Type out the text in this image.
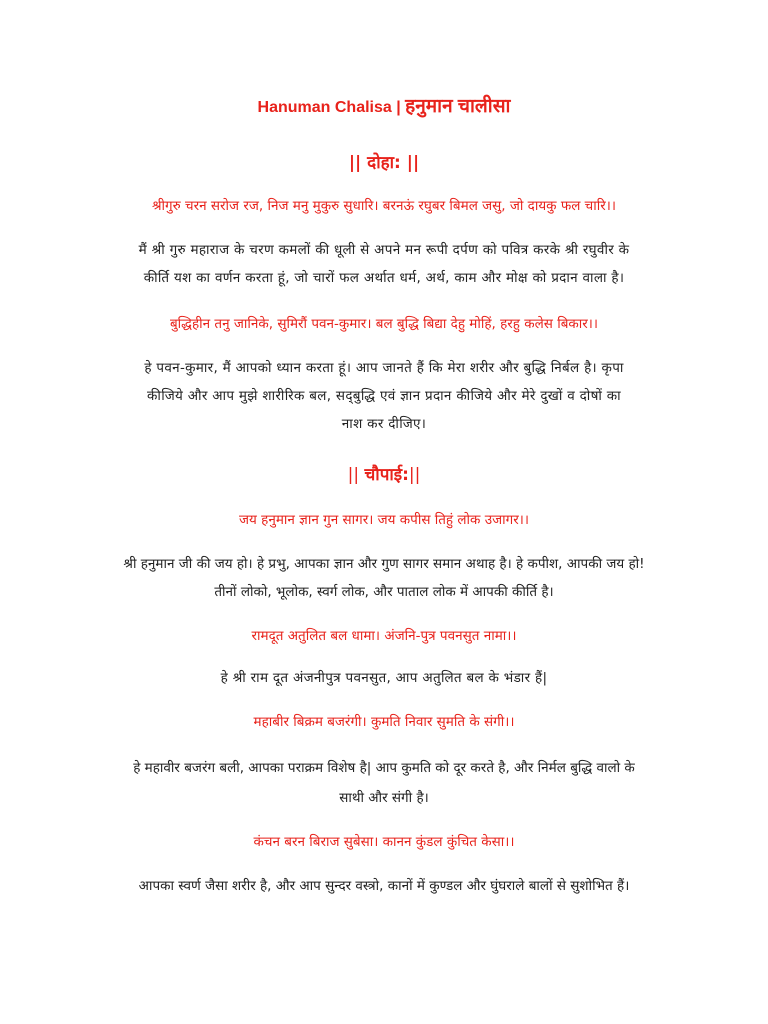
Hanuman Chalisa | हनुमान चालीसा
|| दोहा: ||
श्रीगुरु चरन सरोज रज, निज मनु मुकुरु सुधारि। बरनऊं रघुबर बिमल जसु, जो दायकु फल चारि।।
मैं श्री गुरु महाराज के चरण कमलों की धूली से अपने मन रूपी दर्पण को पवित्र करके श्री रघुवीर के
कीर्ति यश का वर्णन करता हूं, जो चारों फल अर्थात धर्म, अर्थ, काम और मोक्ष को प्रदान वाला है।
बुद्धिहीन तनु जानिके, सुमिरौं पवन-कुमार। बल बुद्धि बिद्या देहु मोहिं, हरहु कलेस बिकार।।
हे पवन-कुमार, मैं आपको ध्यान करता हूं। आप जानते हैं कि मेरा शरीर और बुद्धि निर्बल है। कृपा
कीजिये और आप मुझे शारीरिक बल, सद्‍बुद्धि एवं ज्ञान प्रदान कीजिये और मेरे दुखों व दोषों का
नाश कर दीजिए।
|| चौपाई:||
जय हनुमान ज्ञान गुन सागर। जय कपीस तिहुं लोक उजागर।।
श्री हनुमान जी की जय हो। हे प्रभु, आपका ज्ञान और गुण सागर समान अथाह है। हे कपीश, आपकी जय हो!
तीनों लोको, भूलोक, स्वर्ग लोक, और पाताल लोक में आपकी कीर्ति है।
रामदूत अतुलित बल धामा। अंजनि-पुत्र पवनसुत नामा।।
हे श्री राम दूत अंजनीपुत्र पवनसुत, आप अतुलित बल के भंडार हैं|
महाबीर बिक्रम बजरंगी। कुमति निवार सुमति के संगी।।
हे महावीर बजरंग बली, आपका पराक्रम विशेष है| आप कुमति को दूर करते है, और निर्मल बुद्धि वालो के
साथी और संगी है।
कंचन बरन बिराज सुबेसा। कानन कुंडल कुंचित केसा।।
आपका स्वर्ण जैसा शरीर है, और आप सुन्दर वस्त्रो, कानों में कुण्डल और घुंघराले बालों से सुशोभित हैं।
